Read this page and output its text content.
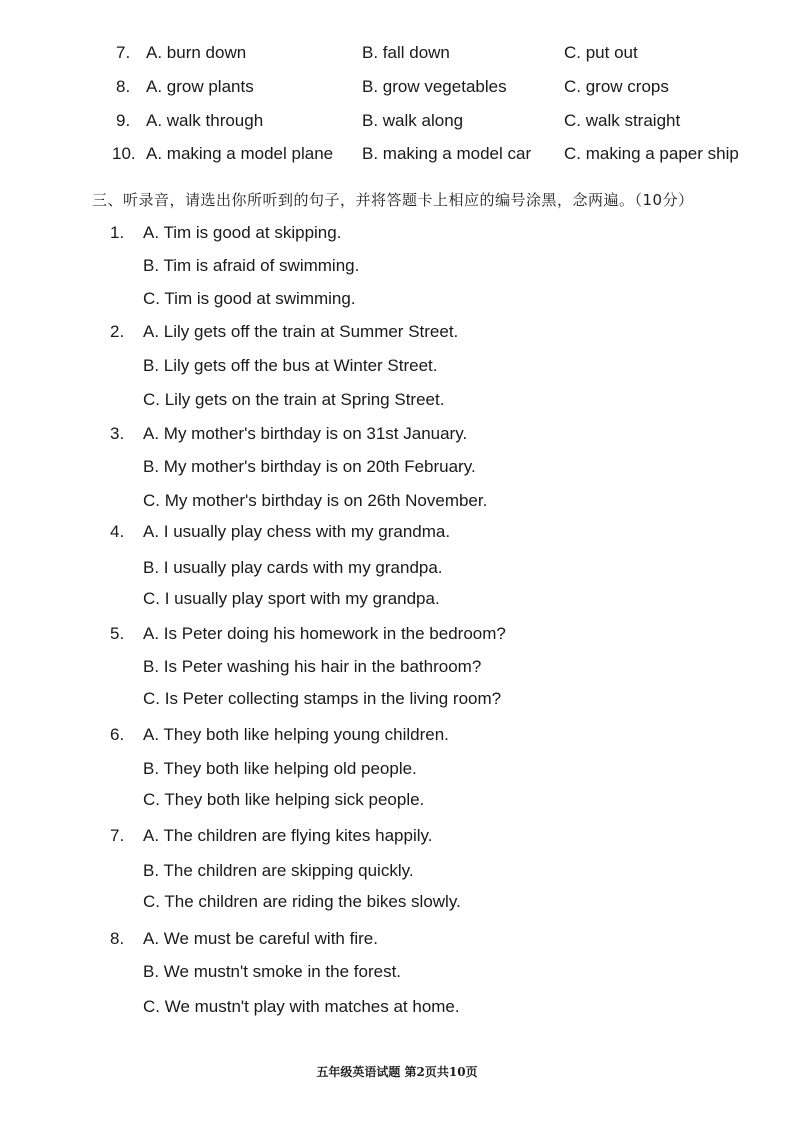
7. A. burn down	B. fall down	C. put out
8. A. grow plants	B. grow vegetables	C. grow crops
9. A. walk through	B. walk along	C. walk straight
10. A. making a model plane B. making a model car C. making a paper ship
三、听录音，请选出你所听到的句子，并将答题卡上相应的编号涂黑，念两遍。（10分）
1. A. Tim is good at skipping.
B. Tim is afraid of swimming.
C. Tim is good at swimming.
2. A. Lily gets off the train at Summer Street.
B. Lily gets off the bus at Winter Street.
C. Lily gets on the train at Spring Street.
3. A. My mother's birthday is on 31st January.
B. My mother's birthday is on 20th February.
C. My mother's birthday is on 26th November.
4. A. I usually play chess with my grandma.
B. I usually play cards with my grandpa.
C. I usually play sport with my grandpa.
5. A. Is Peter doing his homework in the bedroom?
B. Is Peter washing his hair in the bathroom?
C. Is Peter collecting stamps in the living room?
6. A. They both like helping young children.
B. They both like helping old people.
C. They both like helping sick people.
7. A. The children are flying kites happily.
B. The children are skipping quickly.
C. The children are riding the bikes slowly.
8. A. We must be careful with fire.
B. We mustn't smoke in the forest.
C. We mustn't play with matches at home.
五年级英语试题 第2页共10页
